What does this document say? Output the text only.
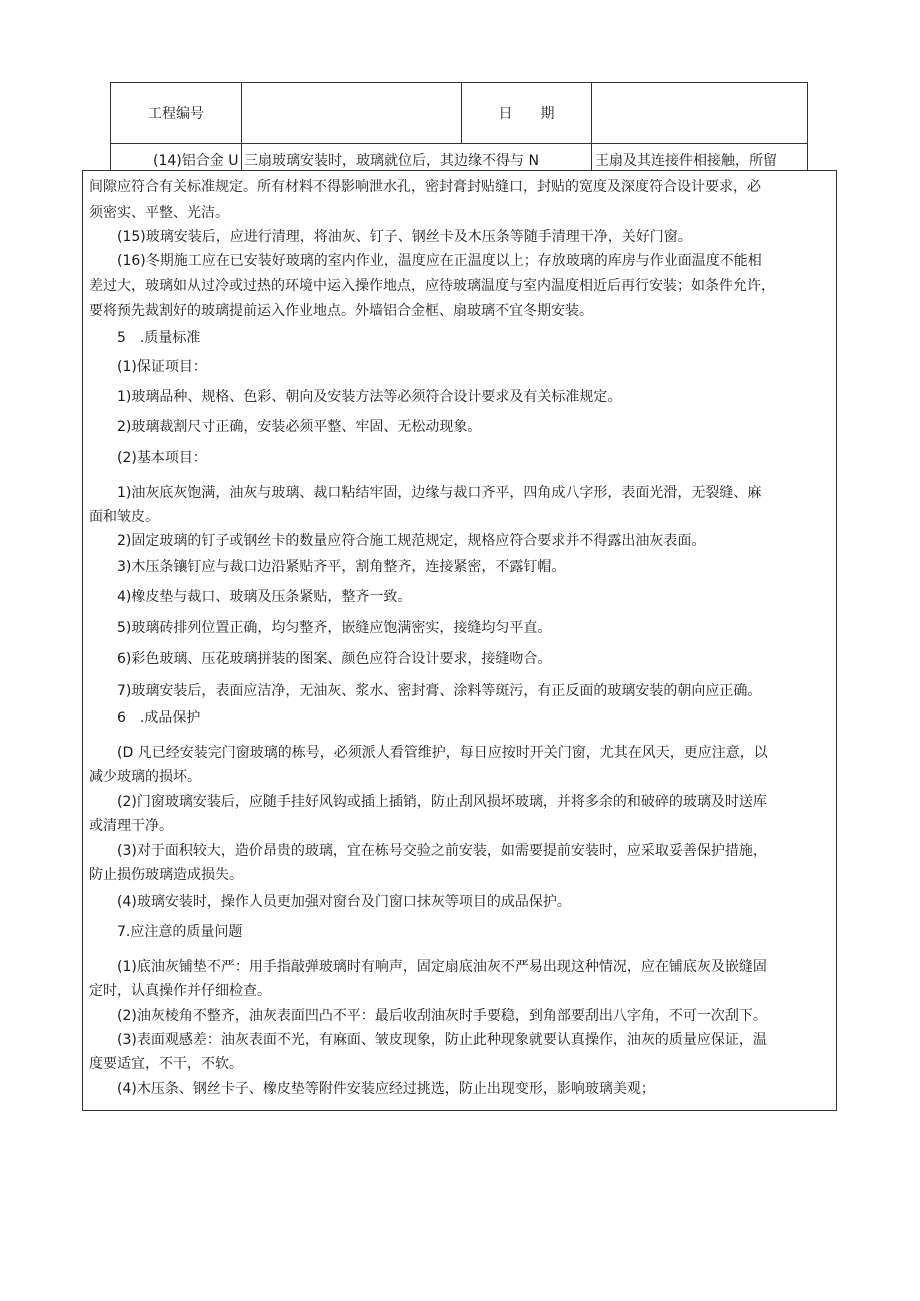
工程编号	日　　期
(14)铝合金 U 三扇玻璃安装时，玻璃就位后，其边缘不得与 N	王扇及其连接件相接触，所留
间隙应符合有关标准规定。所有材料不得影响泄水孔，密封膏封贴缝口，封贴的宽度及深度符合设计要求，必
须密实、平整、光洁。
　　(15)玻璃安装后，应进行清理，将油灰、钉子、钢丝卡及木压条等随手清理干净，关好门窗。
　　(16)冬期施工应在已安装好玻璃的室内作业，温度应在正温度以上；存放玻璃的库房与作业面温度不能相
差过大，玻璃如从过冷或过热的环境中运入操作地点，应待玻璃温度与室内温度相近后再行安装；如条件允许，
要将预先裁割好的玻璃提前运入作业地点。外墙铝合金框、扇玻璃不宜冬期安装。
　　5　.质量标准
　　(1)保证项目：
　　1)玻璃品种、规格、色彩、朝向及安装方法等必须符合设计要求及有关标准规定。
　　2)玻璃裁割尺寸正确，安装必须平整、牢固、无松动现象。
　　(2)基本项目：
　　1)油灰底灰饱满，油灰与玻璃、裁口粘结牢固，边缘与裁口齐平，四角成八字形，表面光滑，无裂缝、麻
面和皱皮。
　　2)固定玻璃的钉子或钢丝卡的数量应符合施工规范规定，规格应符合要求并不得露出油灰表面。
　　3)木压条镶钉应与裁口边沿紧贴齐平，割角整齐，连接紧密，不露钉帽。
　　4)橡皮垫与裁口、玻璃及压条紧贴，整齐一致。
　　5)玻璃砖排列位置正确，均匀整齐，嵌缝应饱满密实，接缝均匀平直。
　　6)彩色玻璃、压花玻璃拼装的图案、颜色应符合设计要求，接缝吻合。
　　7)玻璃安装后，表面应洁净，无油灰、浆水、密封膏、涂料等斑污，有正反面的玻璃安装的朝向应正确。
　　6　.成品保护
　　(D 凡已经安装完门窗玻璃的栋号，必须派人看管维护，每日应按时开关门窗，尤其在风天，更应注意，以
减少玻璃的损坏。
　　(2)门窗玻璃安装后，应随手挂好风钩或插上插销，防止刮风损坏玻璃，并将多余的和破碎的玻璃及时送库
或清理干净。
　　(3)对于面积较大，造价昂贵的玻璃，宜在栋号交验之前安装，如需要提前安装时，应采取妥善保护措施，
防止损伤玻璃造成损失。
　　(4)玻璃安装时，操作人员更加强对窗台及门窗口抹灰等项目的成品保护。
　　7.应注意的质量问题
　　(1)底油灰铺垫不严：用手指敲弹玻璃时有响声，固定扇底油灰不严易出现这种情况，应在铺底灰及嵌缝固
定时，认真操作并仔细检查。
　　(2)油灰棱角不整齐，油灰表面凹凸不平：最后收刮油灰时手要稳，到角部要刮出八字角，不可一次刮下。
　　(3)表面观感差：油灰表面不光，有麻面、皱皮现象，防止此种现象就要认真操作，油灰的质量应保证，温
度要适宜，不干，不软。
　　(4)木压条、钢丝卡子、橡皮垫等附件安装应经过挑选，防止出现变形，影响玻璃美观；
